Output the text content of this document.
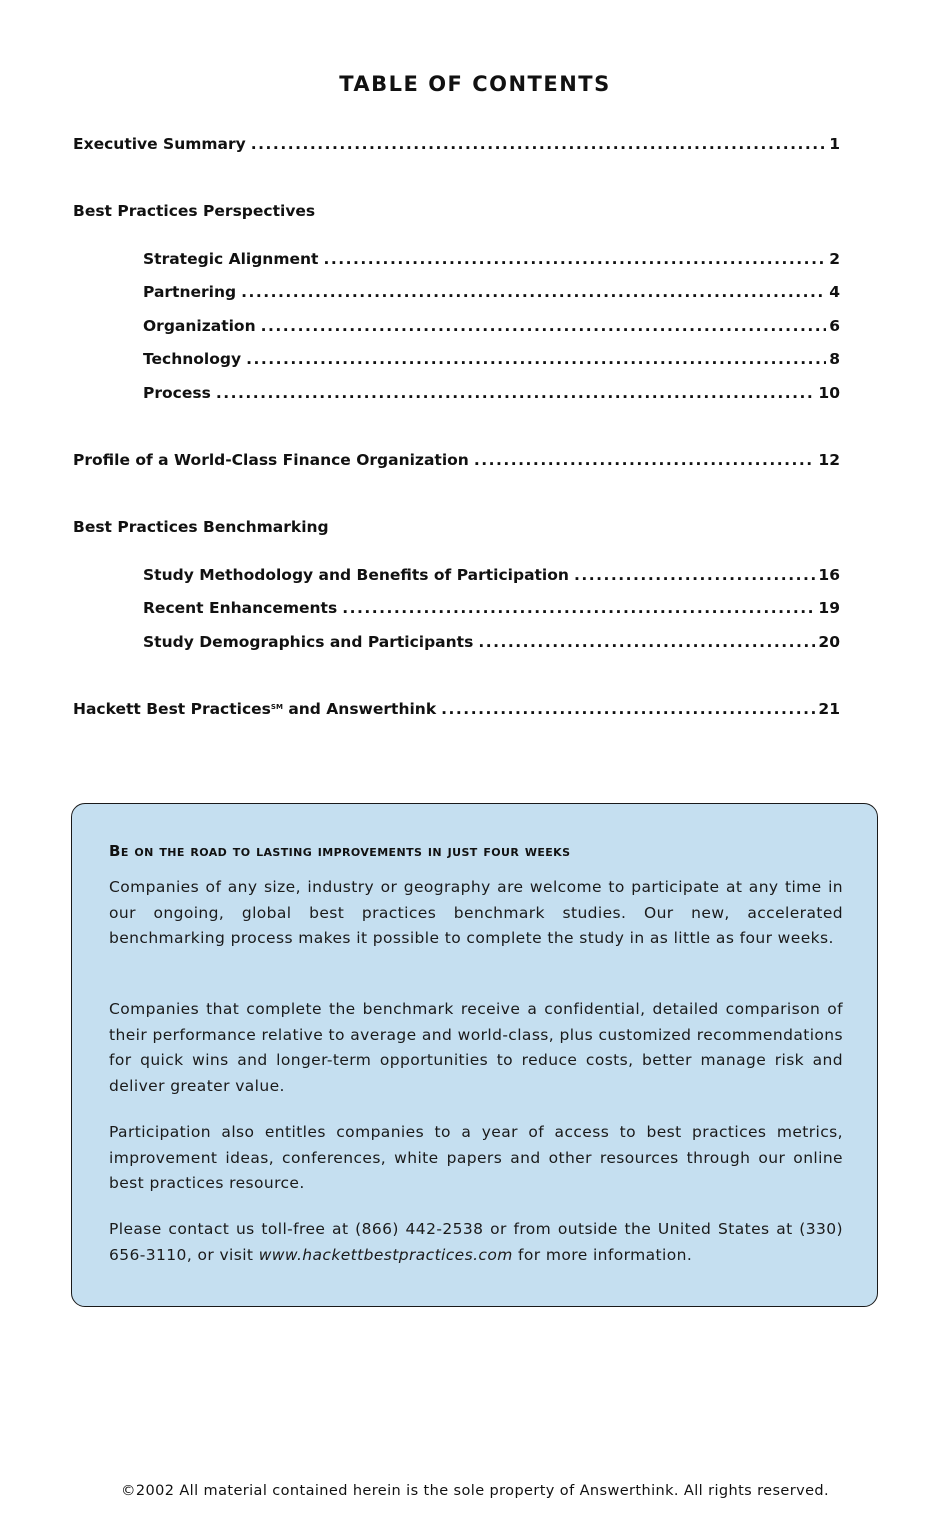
TABLE OF CONTENTS
Executive Summary .....	1
Best Practices Perspectives
Strategic Alignment .....	2
Partnering .....	4
Organization .....	6
Technology .....	8
Process .....	10
Profile of a World-Class Finance Organization .....	12
Best Practices Benchmarking
Study Methodology and Benefits of Participation .....	16
Recent Enhancements .....	19
Study Demographics and Participants .....	20
Hackett Best Practices℠ and Answerthink .....	21
Be on the road to lasting improvements in just four weeks

Companies of any size, industry or geography are welcome to participate at any time in our ongoing, global best practices benchmark studies. Our new, accelerated benchmarking process makes it possible to complete the study in as little as four weeks.

Companies that complete the benchmark receive a confidential, detailed comparison of their performance relative to average and world-class, plus customized recommendations for quick wins and longer-term opportunities to reduce costs, better manage risk and deliver greater value.

Participation also entitles companies to a year of access to best practices metrics, improvement ideas, conferences, white papers and other resources through our online best practices resource.

Please contact us toll-free at (866) 442-2538 or from outside the United States at (330) 656-3110, or visit www.hackettbestpractices.com for more information.

©2002 All material contained herein is the sole property of Answerthink. All rights reserved.
